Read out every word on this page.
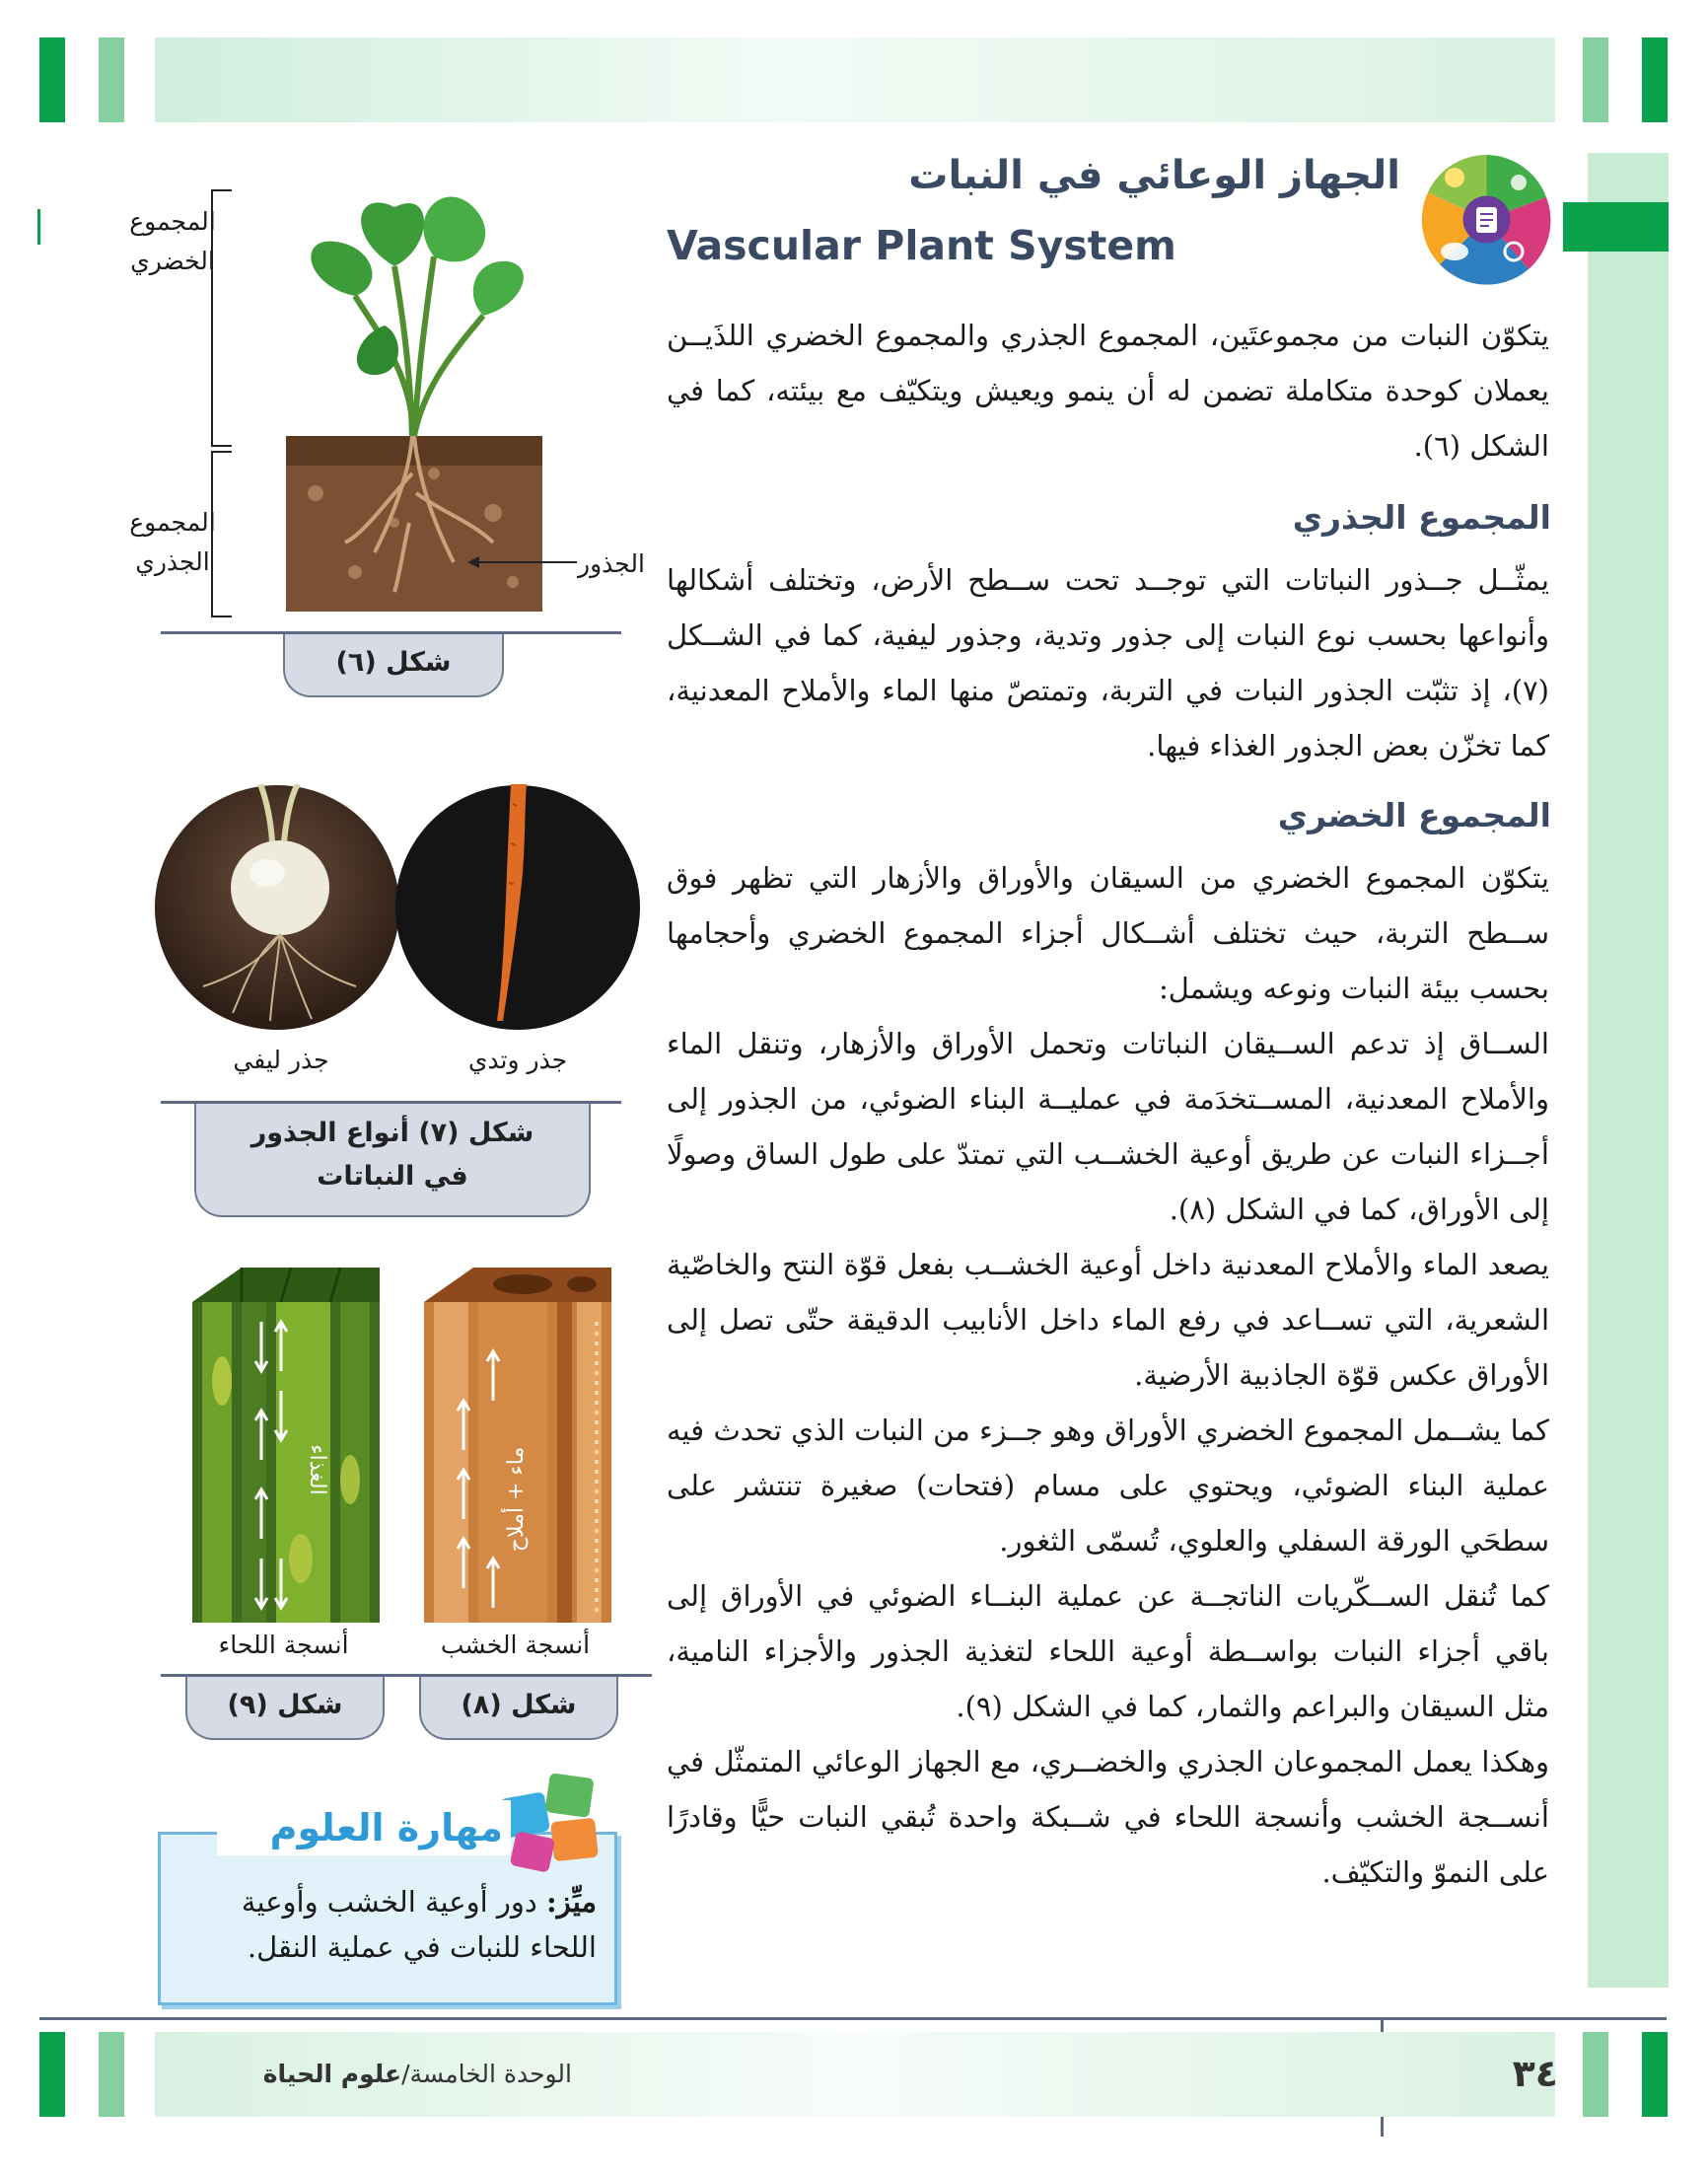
الجهاز الوعائي في النبات
Vascular Plant System

يتكوّن النبات من مجموعتَين، المجموع الجذري والمجموع الخضري اللذَيــن يعملان كوحدة متكاملة تضمن له أن ينمو ويعيش ويتكيّف مع بيئته، كما في الشكل (٦).

المجموع الجذري

يمثّــل جــذور النباتات التي توجــد تحت ســطح الأرض، وتختلف أشكالها وأنواعها بحسب نوع النبات إلى جذور وتدية، وجذور ليفية، كما في الشــكل (٧)، إذ تثبّت الجذور النبات في التربة، وتمتصّ منها الماء والأملاح المعدنية، كما تخزّن بعض الجذور الغذاء فيها.

المجموع الخضري

يتكوّن المجموع الخضري من السيقان والأوراق والأزهار التي تظهر فوق ســطح التربة، حيث تختلف أشــكال أجزاء المجموع الخضري وأحجامها بحسب بيئة النبات ونوعه ويشمل:

الســاق إذ تدعم الســيقان النباتات وتحمل الأوراق والأزهار، وتنقل الماء والأملاح المعدنية، المســتخدَمة في عمليــة البناء الضوئي، من الجذور إلى أجــزاء النبات عن طريق أوعية الخشــب التي تمتدّ على طول الساق وصولًا إلى الأوراق، كما في الشكل (٨).

يصعد الماء والأملاح المعدنية داخل أوعية الخشــب بفعل قوّة النتح والخاصّية الشعرية، التي تســاعد في رفع الماء داخل الأنابيب الدقيقة حتّى تصل إلى الأوراق عكس قوّة الجاذبية الأرضية.

كما يشــمل المجموع الخضري الأوراق وهو جــزء من النبات الذي تحدث فيه عملية البناء الضوئي، ويحتوي على مسام (فتحات) صغيرة تنتشر على سطحَي الورقة السفلي والعلوي، تُسمّى الثغور.

كما تُنقل الســكّريات الناتجــة عن عملية البنــاء الضوئي في الأوراق إلى باقي أجزاء النبات بواســطة أوعية اللحاء لتغذية الجذور والأجزاء النامية، مثل السيقان والبراعم والثمار، كما في الشكل (٩).

وهكذا يعمل المجموعان الجذري والخضــري، مع الجهاز الوعائي المتمثّل في أنســجة الخشب وأنسجة اللحاء في شــبكة واحدة تُبقي النبات حيًّا وقادرًا على النموّ والتكيّف.

المجموع الخضري
المجموع الجذري	الجذور
شكل (٦)
جذر ليفي	جذر وتدي
شكل (٧) أنواع الجذور
في النباتات
الغذاء	ماء + أملاح
أنسجة اللحاء	أنسجة الخشب
شكل (٩)	شكل (٨)
مهارة العلوم
ميِّز: دور أوعية الخشب وأوعية اللحاء للنبات في عملية النقل.
الوحدة الخامسة/علوم الحياة	٣٤
